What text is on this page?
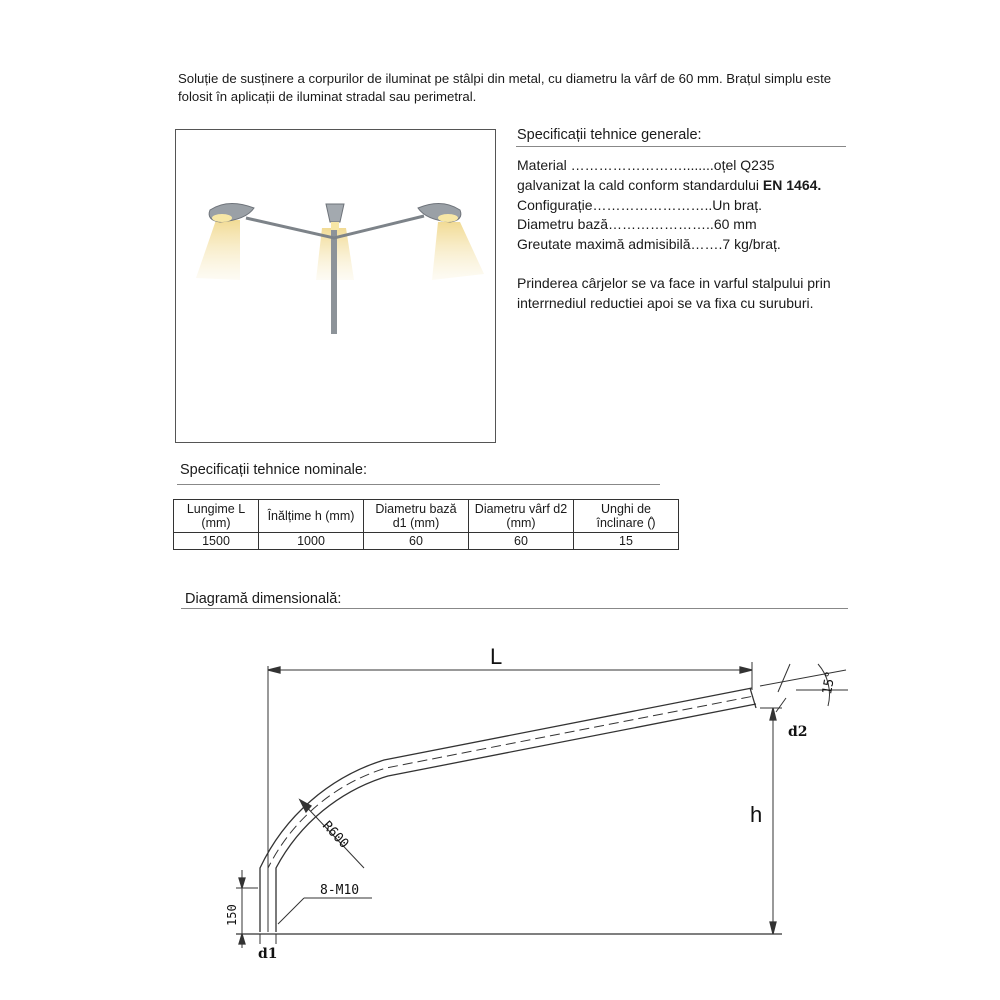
Soluție de susținere a corpurilor de iluminat pe stâlpi din metal, cu diametru la vârf de 60 mm. Brațul simplu este folosit în aplicații de iluminat stradal sau perimetral.

Specificații tehnice generale:
Material ……………………........oțel Q235
galvanizat la cald conform standardului EN 1464.
Configurație……………………..Un braț.
Diametru bază…………………..60 mm
Greutate maximă admisibilă…….7 kg/braț.

Prinderea cârjelor se va face in varful stalpului prin interrnediul reductiei apoi se va fixa cu suruburi.

Specificații tehnice nominale:
Lungime L (mm)	Înălțime h (mm)	Diametru bază d1 (mm)	Diametru vârf d2 (mm)	Unghi de înclinare (̊)
1500	1000	60	60	15
Diagramă dimensională:
L
h
d2
d1
R600
8-M10
150
15°
